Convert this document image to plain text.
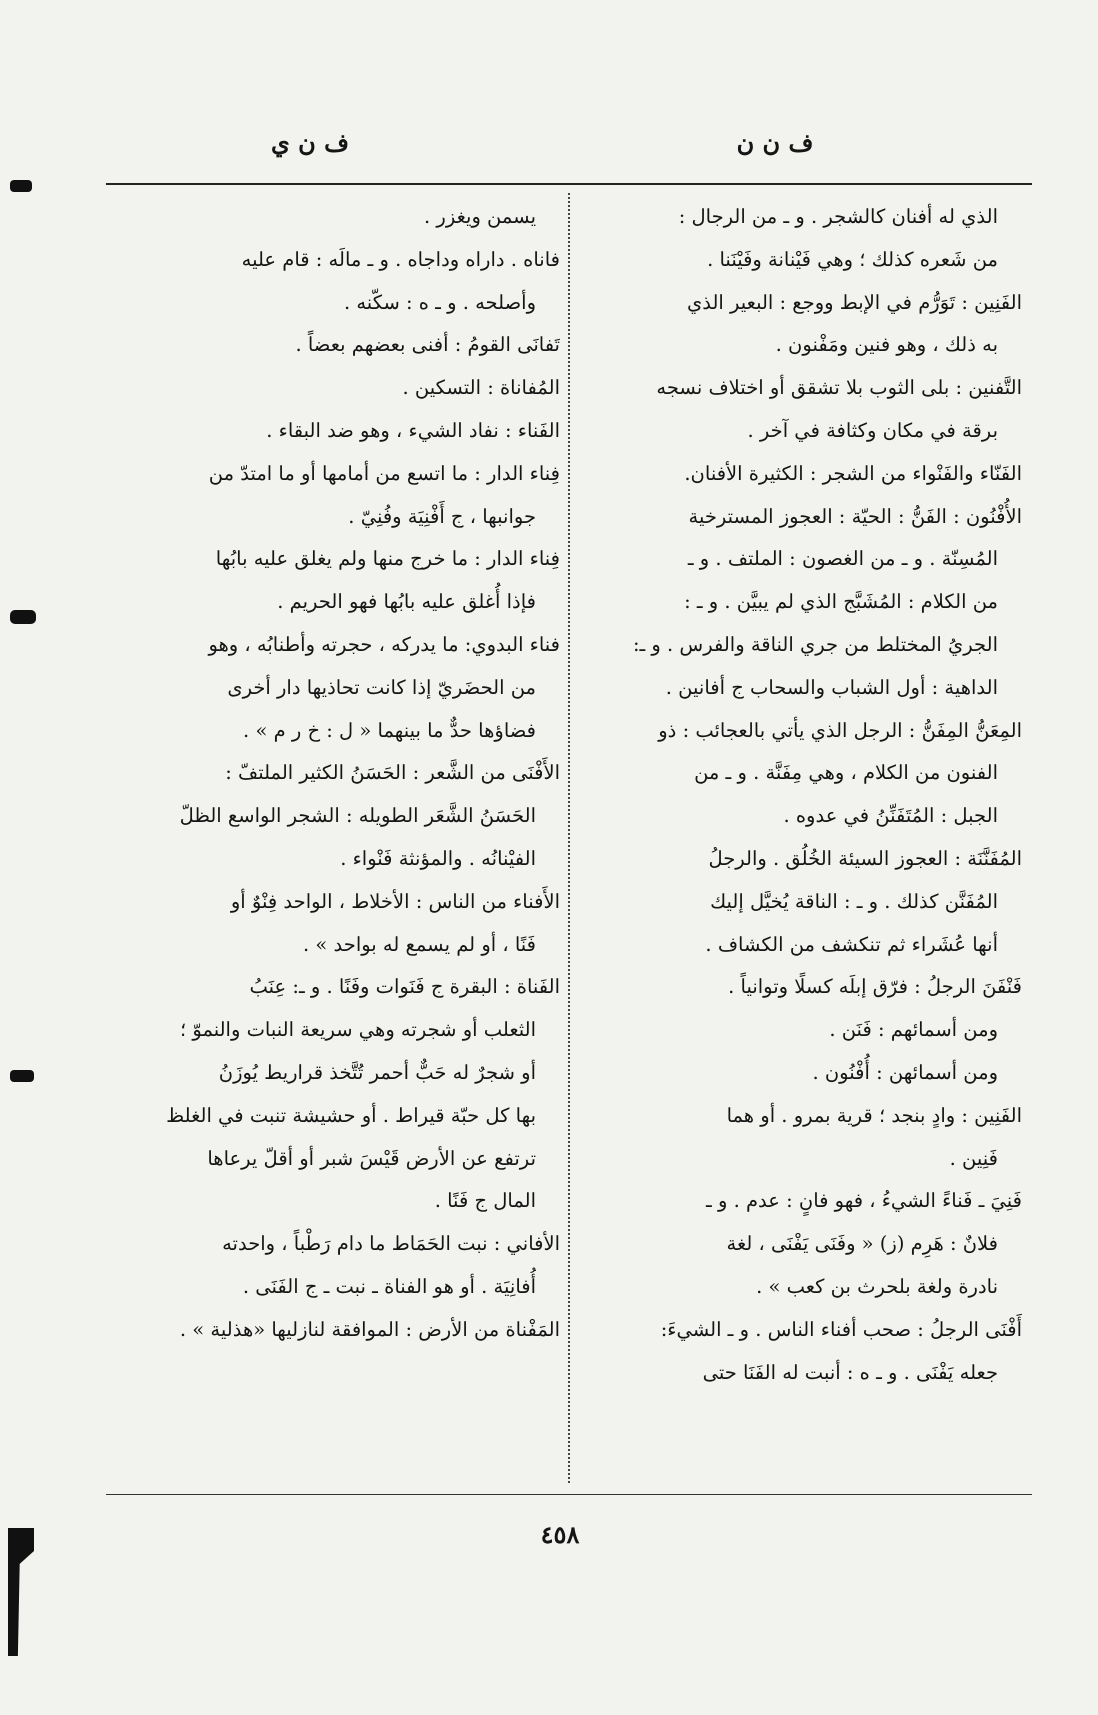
ف ن ن
ف ن ي
الذي له أفنان كالشجر . و ـ من الرجال :
من شَعره كذلك ؛ وهي فَيْنانة وفَيْنَنا .
الفَنِين : تَوَرُّم في الإبط ووجع : البعير الذي
به ذلك ، وهو فنين ومَفْنون .
التَّفنين : بلى الثوب بلا تشقق أو اختلاف نسجه
برقة في مكان وكثافة في آخر .
الفَنّاء والفَنْواء من الشجر : الكثيرة الأفنان.
الأُفْنُون : الفَنُّ : الحيّة : العجوز المسترخية
المُسِنّة . و ـ من الغصون : الملتف . و ـ
من الكلام : المُشَبَّج الذي لم يبيَّن . و ـ :
الجريُ المختلط من جري الناقة والفرس . و ـ:
الداهية : أول الشباب والسحاب ج أفانين .
المِعَنُّ المِفَنُّ : الرجل الذي يأتي بالعجائب : ذو
الفنون من الكلام ، وهي مِفَنَّة . و ـ من
الجبل : المُتَفَنِّنُ في عدوه .
المُفَنَّنَة : العجوز السيئة الخُلُق . والرجلُ
المُفَنَّن كذلك . و ـ : الناقة يُخيَّل إليك
أنها عُشَراء ثم تنكشف من الكشاف .
فَنْفَنَ الرجلُ : فرّق إبلَه كسلًا وتوانياً .
ومن أسمائهم : فَنَن .
ومن أسمائهن : أُفْنُون .
الفَنِين : وادٍ بنجد ؛ قرية بمرو . أو هما
فَنِين .
فَنِيَ ـ فَناءً الشيءُ ، فهو فانٍ : عدم . و ـ
فلانٌ : هَرِم (ز) « وفَنَى يَفْنَى ، لغة
نادرة ولغة بلحرث بن كعب » .
أَفْنَى الرجلُ : صحب أفناء الناس . و ـ الشيءَ:
جعله يَفْنَى . و ـ ه : أنبت له الفَنَا حتى
يسمن ويغزر .
فاناه . داراه وداجاه . و ـ مالَه : قام عليه
وأصلحه . و ـ ه : سكّنه .
تَفانَى القومُ : أفنى بعضهم بعضاً .
المُفاناة : التسكين .
الفَناء : نفاد الشيء ، وهو ضد البقاء .
فِناء الدار : ما اتسع من أمامها أو ما امتدّ من
جوانبها ، ج أَفْنِيَة وفُنِيّ .
فِناء الدار : ما خرج منها ولم يغلق عليه بابُها
فإذا أُغلق عليه بابُها فهو الحريم .
فناء البدوي: ما يدركه ، حجرته وأطنابُه ، وهو
من الحضَريّ إذا كانت تحاذيها دار أخرى
فضاؤها حدٌّ ما بينهما « ل : خ ر م » .
الأَفْنَى من الشَّعر : الحَسَنُ الكثير الملتفّ :
الحَسَنُ الشَّعَر الطويله : الشجر الواسع الظلّ
الفيْنانُه . والمؤنثة فَنْواء .
الأَفناء من الناس : الأخلاط ، الواحد فِنْوٌ أو
فَنًا ، أو لم يسمع له بواحد » .
الفَناة : البقرة ج فَنَوات وفَنًا . و ـ: عِنَبُ
الثعلب أو شجرته وهي سريعة النبات والنموّ ؛
أو شجرٌ له حَبٌّ أحمر تُتَّخذ قراريط يُوزَنُ
بها كل حبّة قيراط . أو حشيشة تنبت في الغلظ
ترتفع عن الأرض قَيْسَ شبر أو أقلّ يرعاها
المال ج فَنًا .
الأفاني : نبت الحَمَاط ما دام رَطْباً ، واحدته
أُفانِيَة . أو هو الفناة ـ نبت ـ ج الفَنَى .
المَفْناة من الأرض : الموافقة لنازليها «هذلية » .
٤٥٨
